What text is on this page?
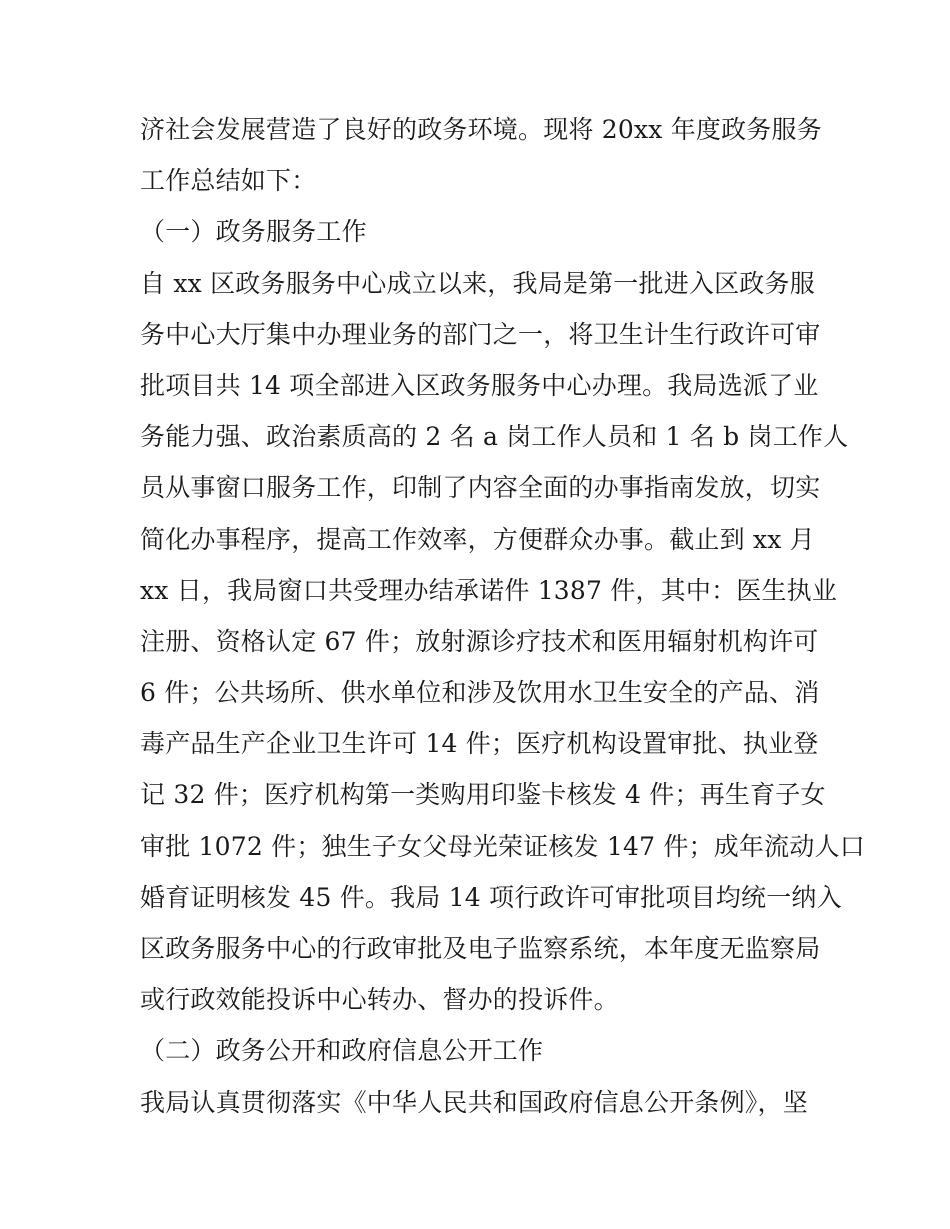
济社会发展营造了良好的政务环境。现将 20xx 年度政务服务
工作总结如下：
（一）政务服务工作
自 xx 区政务服务中心成立以来，我局是第一批进入区政务服
务中心大厅集中办理业务的部门之一，将卫生计生行政许可审
批项目共 14 项全部进入区政务服务中心办理。我局选派了业
务能力强、政治素质高的 2 名 a 岗工作人员和 1 名 b 岗工作人
员从事窗口服务工作，印制了内容全面的办事指南发放，切实
简化办事程序，提高工作效率，方便群众办事。截止到 xx 月
xx 日，我局窗口共受理办结承诺件 1387 件，其中：医生执业
注册、资格认定 67 件；放射源诊疗技术和医用辐射机构许可
6 件；公共场所、供水单位和涉及饮用水卫生安全的产品、消
毒产品生产企业卫生许可 14 件；医疗机构设置审批、执业登
记 32 件；医疗机构第一类购用印鉴卡核发 4 件；再生育子女
审批 1072 件；独生子女父母光荣证核发 147 件；成年流动人口
婚育证明核发 45 件。我局 14 项行政许可审批项目均统一纳入
区政务服务中心的行政审批及电子监察系统，本年度无监察局
或行政效能投诉中心转办、督办的投诉件。
（二）政务公开和政府信息公开工作
我局认真贯彻落实《中华人民共和国政府信息公开条例》，坚
